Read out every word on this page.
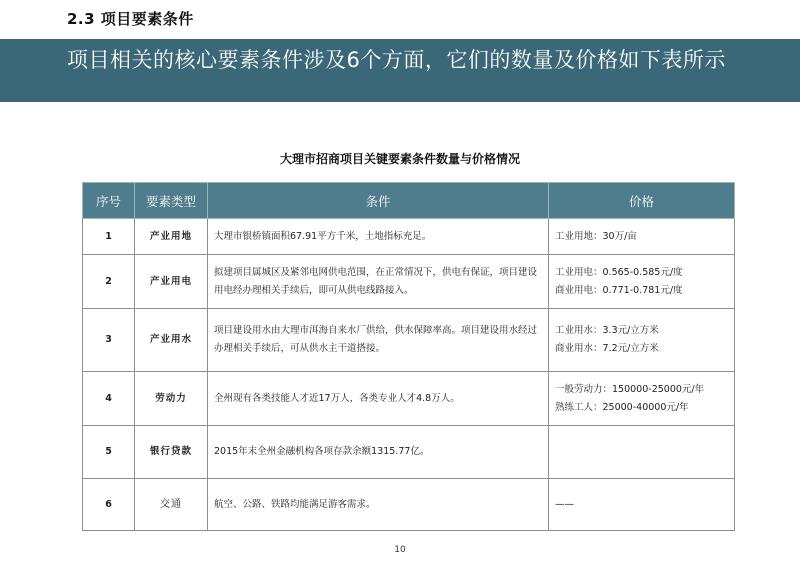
2.3 项目要素条件
项目相关的核心要素条件涉及6个方面，它们的数量及价格如下表所示
大理市招商项目关键要素条件数量与价格情况
序号	要素类型	条件	价格
1	产业用地	大理市银桥镇面积67.91平方千米，土地指标充足。	工业用地：30万/亩

2	产业用电	拟建项目属城区及紧邻电网供电范围，在正常情况下，供电有保证，项目建设用电经办理相关手续后，即可从供电线路接入。	工业用电：0.565-0.585元/度
商业用电：0.771-0.781元/度

3	产业用水	项目建设用水由大理市洱海自来水厂供给，供水保障率高。项目建设用水经过办理相关手续后，可从供水主干道搭接。	工业用水：3.3元/立方米
商业用水：7.2元/立方米

4	劳动力	全州现有各类技能人才近17万人，各类专业人才4.8万人。	一般劳动力：150000-25000元/年
熟练工人：25000-40000元/年

5	银行贷款	2015年末全州金融机构各项存款余额1315.77亿。	
6	交通	航空、公路、铁路均能满足游客需求。	——
10
